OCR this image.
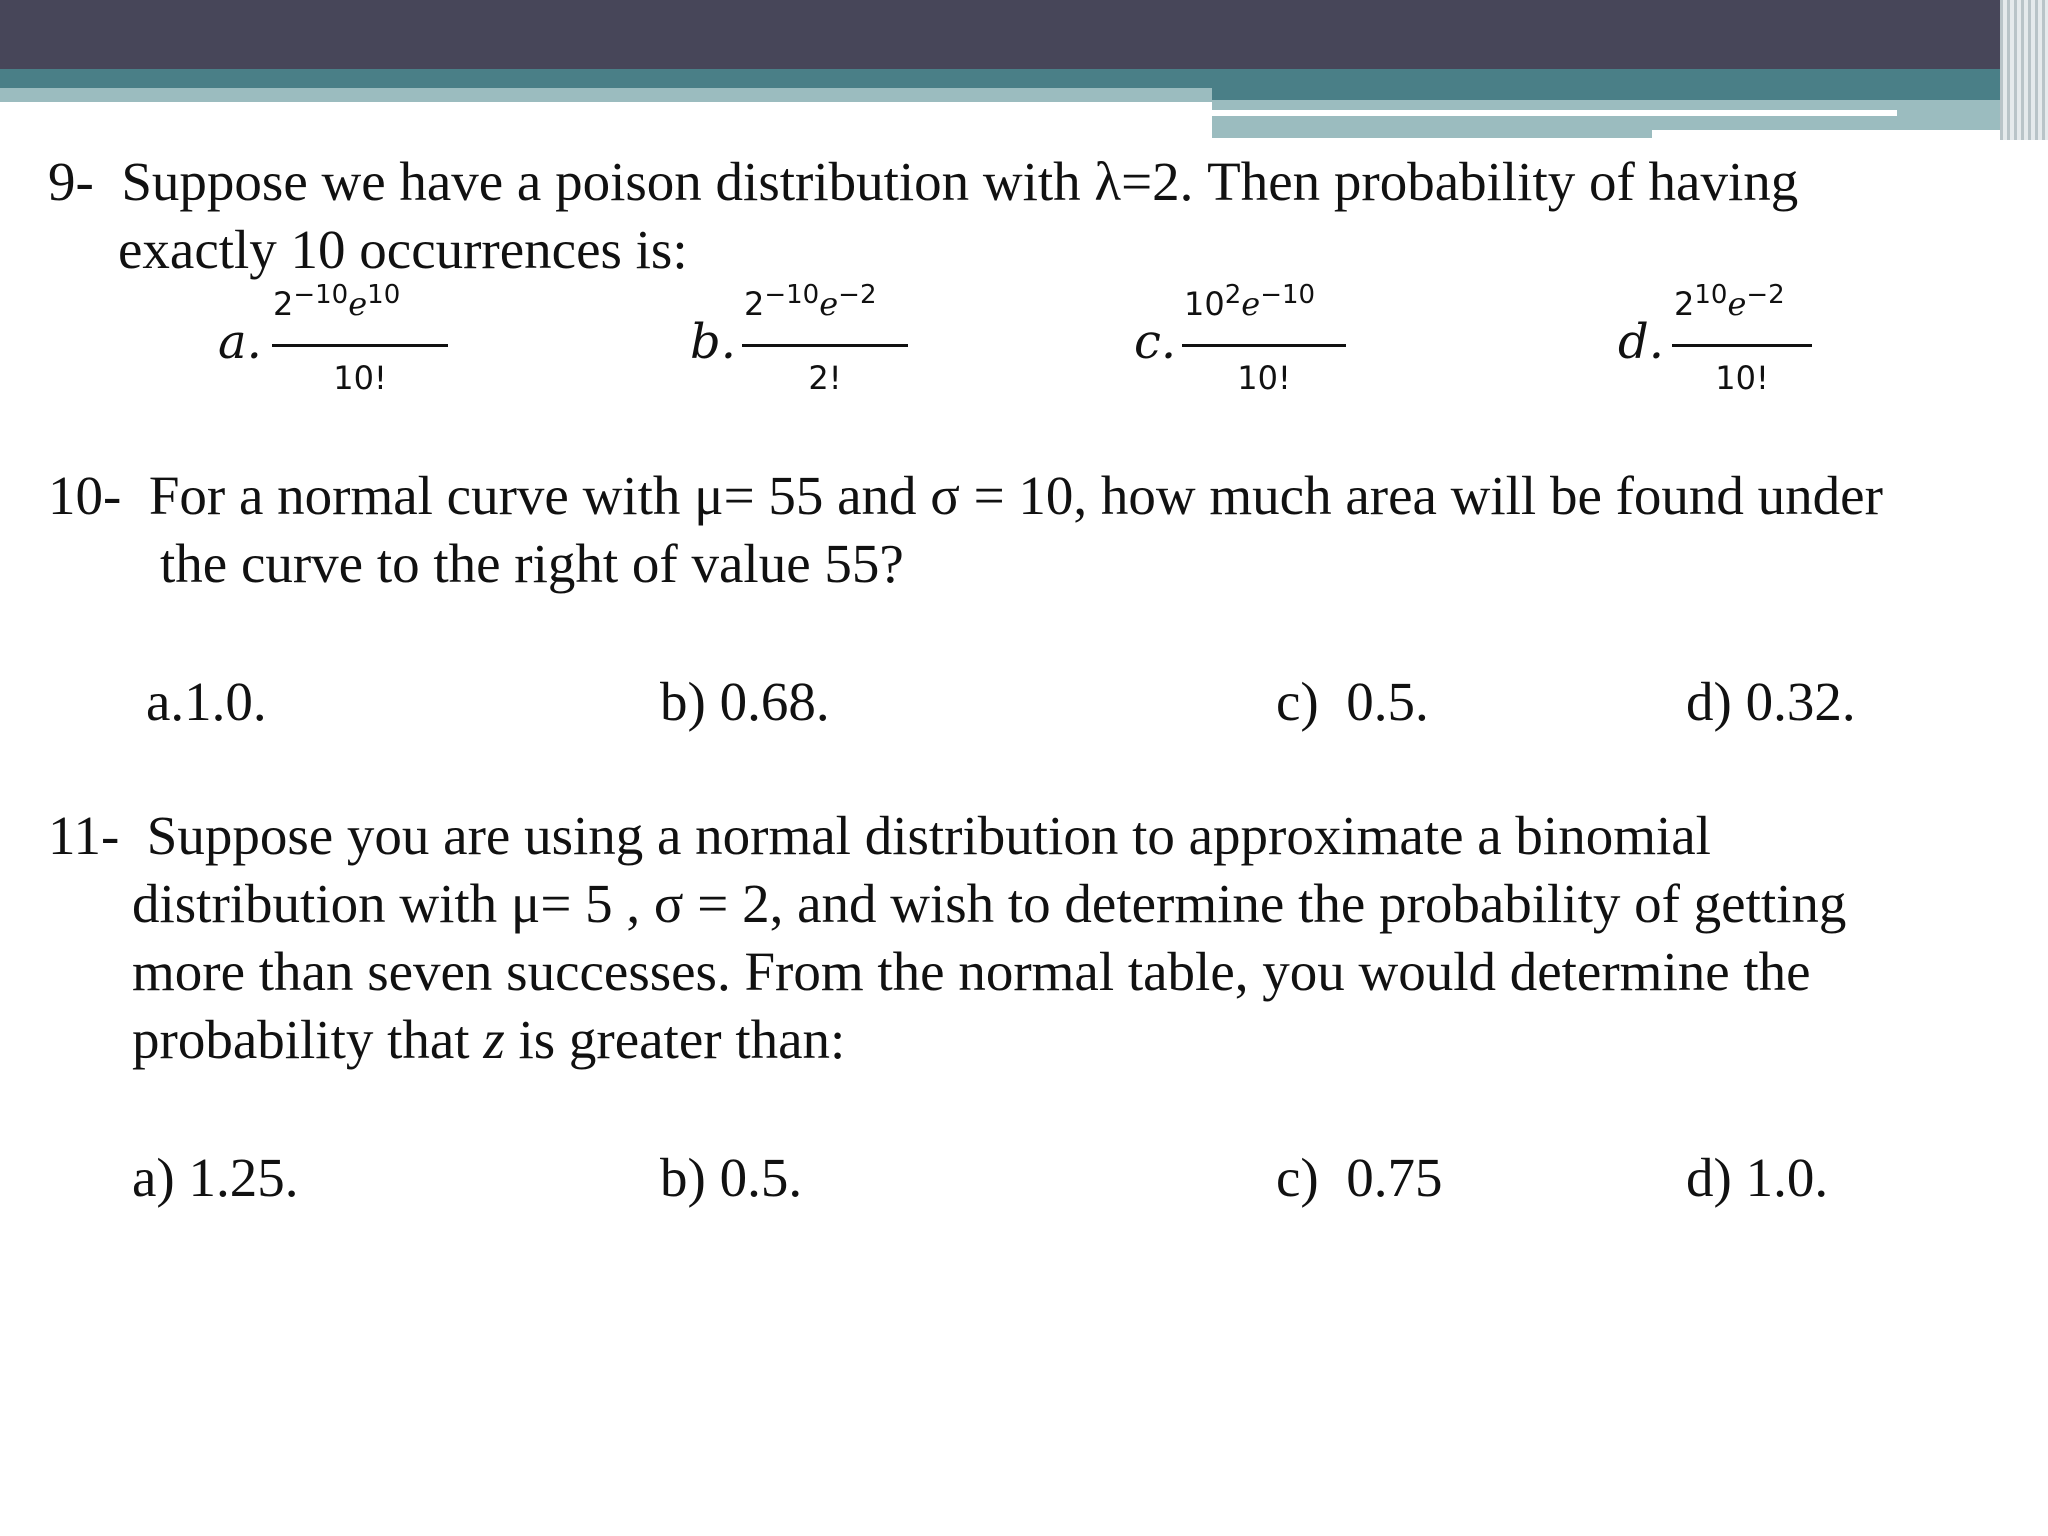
9- Suppose we have a poison distribution with λ=2. Then probability of having
exactly 10 occurrences is:
a.
$2^{-10}e^{10}$
10!
b.
$2^{-10}e^{-2}$
2!
c.
$10^2e^{-10}$
10!
d.
$2^{10}e^{-2}$
10!
10- For a normal curve with μ= 55 and σ = 10, how much area will be found under
the curve to the right of value 55?
a.1.0.	b) 0.68.	c)  0.5.	d) 0.32.
11- Suppose you are using a normal distribution to approximate a binomial
distribution with μ= 5 , σ = 2, and wish to determine the probability of getting
more than seven successes. From the normal table, you would determine the
probability that z is greater than:
a) 1.25.	b) 0.5.	c)  0.75	d) 1.0.
